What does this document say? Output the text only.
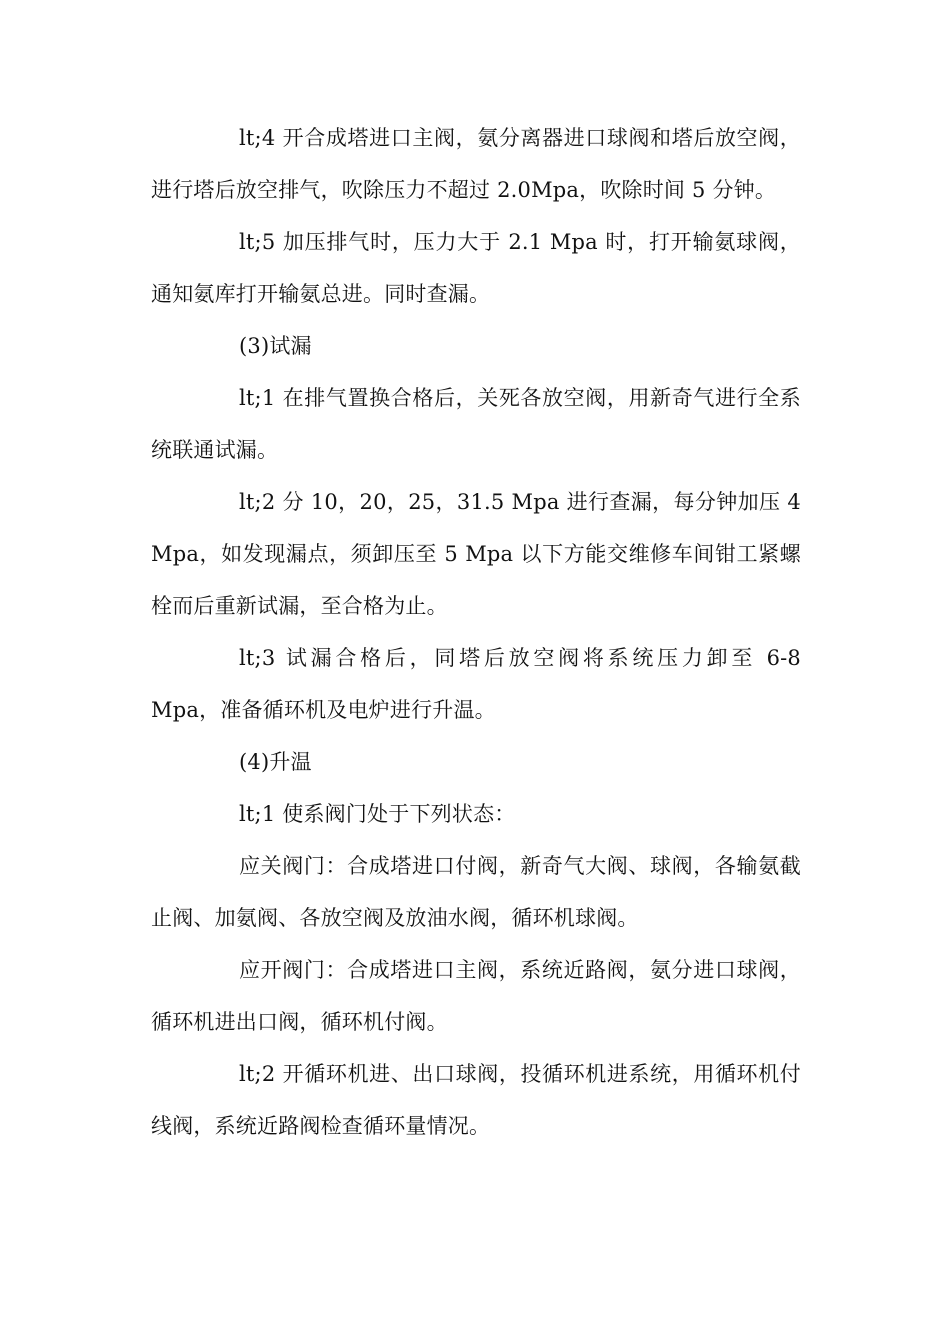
lt;4 开合成塔进口主阀，氨分离器进口球阀和塔后放空阀，进行塔后放空排气，吹除压力不超过 2.0Mpa，吹除时间 5 分钟。

lt;5 加压排气时，压力大于 2.1 Mpa 时，打开输氨球阀，通知氨库打开输氨总进。同时查漏。

(3)试漏

lt;1 在排气置换合格后，关死各放空阀，用新奇气进行全系统联通试漏。

lt;2 分 10，20，25，31.5 Mpa 进行查漏，每分钟加压 4 Mpa，如发现漏点，须卸压至 5 Mpa 以下方能交维修车间钳工紧螺栓而后重新试漏，至合格为止。

lt;3 试漏合格后，同塔后放空阀将系统压力卸至 6-8 Mpa，准备循环机及电炉进行升温。

(4)升温

lt;1 使系阀门处于下列状态：

应关阀门：合成塔进口付阀，新奇气大阀、球阀，各输氨截止阀、加氨阀、各放空阀及放油水阀，循环机球阀。

应开阀门：合成塔进口主阀，系统近路阀，氨分进口球阀，循环机进出口阀，循环机付阀。

lt;2 开循环机进、出口球阀，投循环机进系统，用循环机付线阀，系统近路阀检查循环量情况。
